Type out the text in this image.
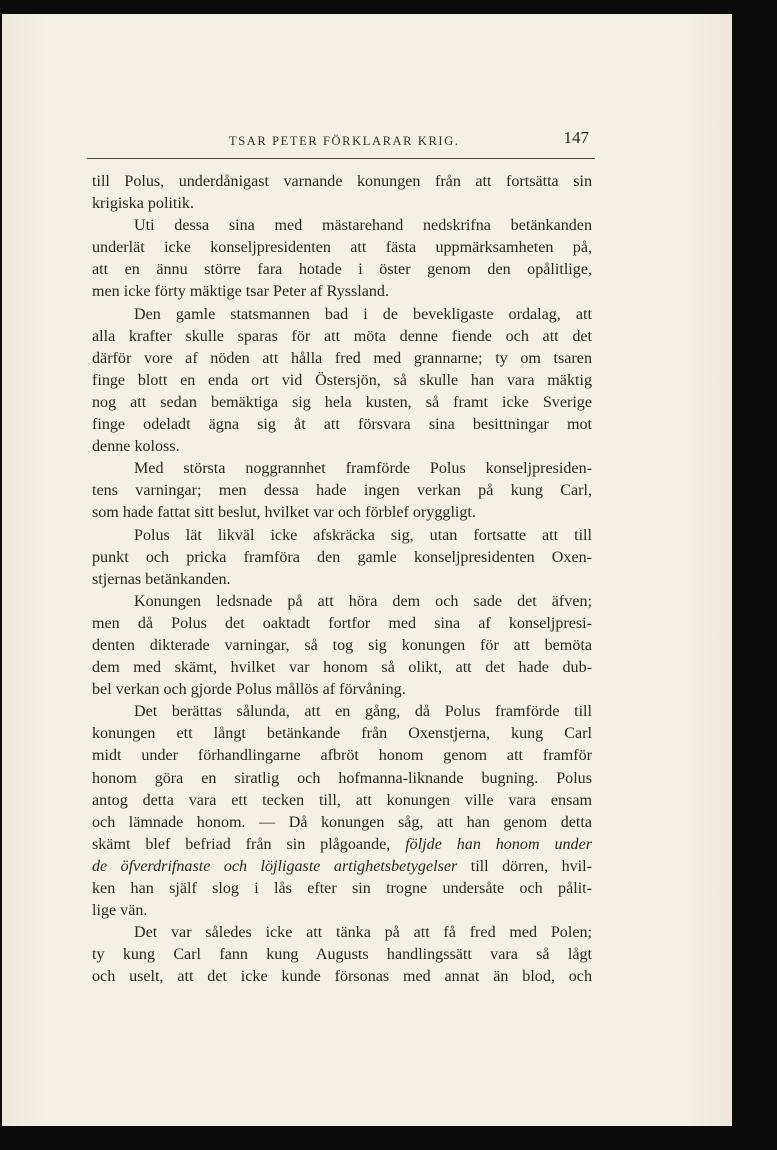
TSAR PETER FÖRKLARAR KRIG.	147
till Polus, underdånigast varnande konungen från att fortsätta sin
krigiska politik.
Uti dessa sina med mästarehand nedskrifna betänkanden
underlät icke konseljpresidenten att fästa uppmärksamheten på,
att en ännu större fara hotade i öster genom den opålitlige,
men icke förty mäktige tsar Peter af Ryssland.
Den gamle statsmannen bad i de bevekligaste ordalag, att
alla krafter skulle sparas för att möta denne fiende och att det
därför vore af nöden att hålla fred med grannarne; ty om tsaren
finge blott en enda ort vid Östersjön, så skulle han vara mäktig
nog att sedan bemäktiga sig hela kusten, så framt icke Sverige
finge odeladt ägna sig åt att försvara sina besittningar mot
denne koloss.
Med största noggrannhet framförde Polus konseljpresiden-
tens varningar; men dessa hade ingen verkan på kung Carl,
som hade fattat sitt beslut, hvilket var och förblef oryggligt.
Polus lät likväl icke afskräcka sig, utan fortsatte att till
punkt och pricka framföra den gamle konseljpresidenten Oxen-
stjernas betänkanden.
Konungen ledsnade på att höra dem och sade det äfven;
men då Polus det oaktadt fortfor med sina af konseljpresi-
denten dikterade varningar, så tog sig konungen för att bemöta
dem med skämt, hvilket var honom så olikt, att det hade dub-
bel verkan och gjorde Polus mållös af förvåning.
Det berättas sålunda, att en gång, då Polus framförde till
konungen ett långt betänkande från Oxenstjerna, kung Carl
midt under förhandlingarne afbröt honom genom att framför
honom göra en siratlig och hofmanna-liknande bugning. Polus
antog detta vara ett tecken till, att konungen ville vara ensam
och lämnade honom. — Då konungen såg, att han genom detta
skämt blef befriad från sin plågoande, följde han honom under
de öfverdrifnaste och löjligaste artighetsbetygelser till dörren, hvil-
ken han själf slog i lås efter sin trogne undersåte och pålit-
lige vän.
Det var således icke att tänka på att få fred med Polen;
ty kung Carl fann kung Augusts handlingssätt vara så lågt
och uselt, att det icke kunde försonas med annat än blod, och
